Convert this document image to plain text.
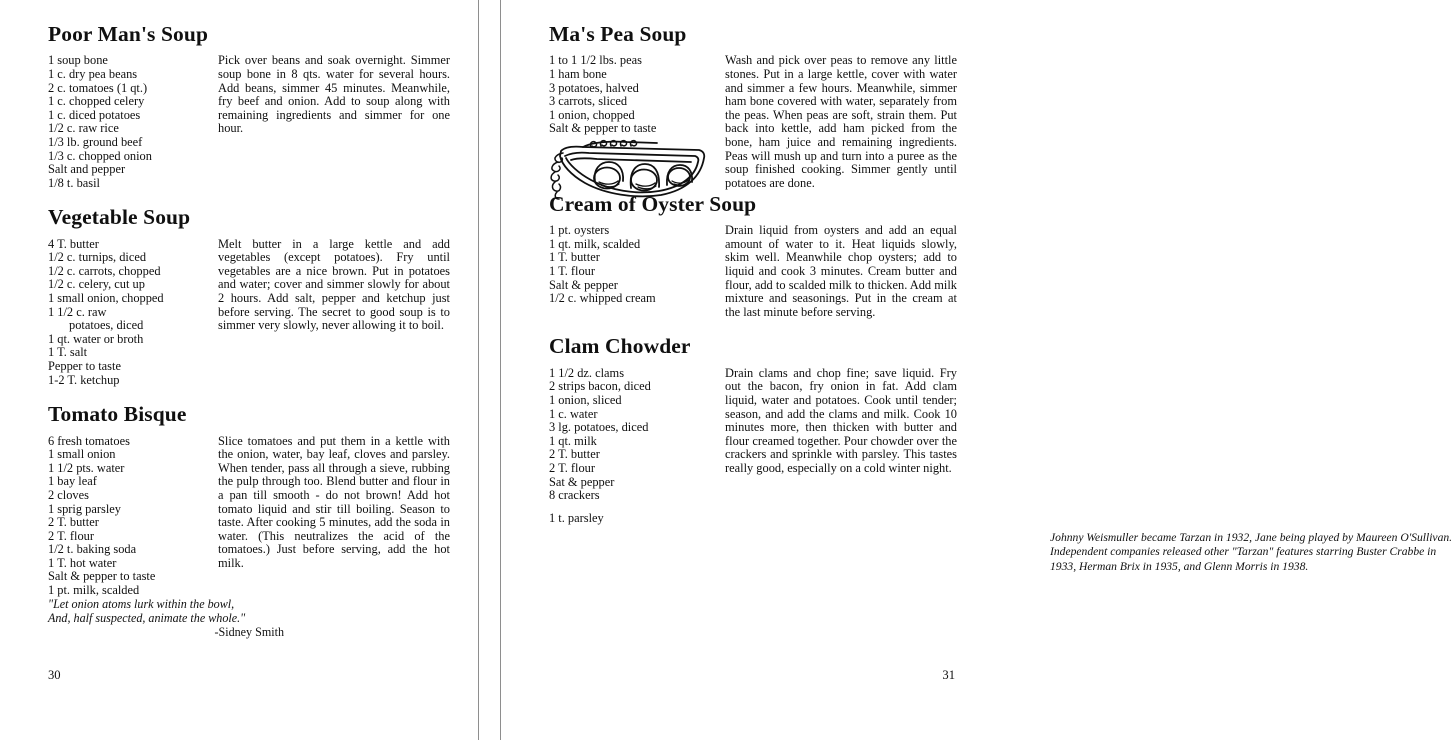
Poor Man's Soup
1 soup bone
1 c. dry pea beans
2 c. tomatoes (1 qt.)
1 c. chopped celery
1 c. diced potatoes
1/2 c. raw rice
1/3 lb. ground beef
1/3 c. chopped onion
Salt and pepper
1/8 t. basil
Pick over beans and soak overnight. Simmer soup bone in 8 qts. water for several hours. Add beans, simmer 45 minutes. Meanwhile, fry beef and onion. Add to soup along with remaining ingredients and simmer for one hour.
Vegetable Soup
4 T. butter
1/2 c. turnips, diced
1/2 c. carrots, chopped
1/2 c. celery, cut up
1 small onion, chopped
1 1/2 c. raw
potatoes, diced
1 qt. water or broth
1 T. salt
Pepper to taste
1-2 T. ketchup
Melt butter in a large kettle and add vegetables (except potatoes). Fry until vegetables are a nice brown. Put in potatoes and water; cover and simmer slowly for about 2 hours. Add salt, pepper and ketchup just before serving. The secret to good soup is to simmer very slowly, never allowing it to boil.
Tomato Bisque
6 fresh tomatoes
1 small onion
1 1/2 pts. water
1 bay leaf
2 cloves
1 sprig parsley
2 T. butter
2 T. flour
1/2 t. baking soda
1 T. hot water
Salt & pepper to taste
1 pt. milk, scalded
Slice tomatoes and put them in a kettle with the onion, water, bay leaf, cloves and parsley. When tender, pass all through a sieve, rubbing the pulp through too. Blend butter and flour in a pan till smooth - do not brown! Add hot tomato liquid and stir till boiling. Season to taste. After cooking 5 minutes, add the soda in water. (This neutralizes the acid of the tomatoes.) Just before serving, add the hot milk.
"Let onion atoms lurk within the bowl,
And, half suspected, animate the whole."
-Sidney Smith
30
Ma's Pea Soup
1 to 1 1/2 lbs. peas
1 ham bone
3 potatoes, halved
3 carrots, sliced
1 onion, chopped
Salt & pepper to taste
Wash and pick over peas to remove any little stones. Put in a large kettle, cover with water and simmer a few hours. Meanwhile, simmer ham bone covered with water, separately from the peas. When peas are soft, strain them. Put back into kettle, add ham picked from the bone, ham juice and remaining ingredients. Peas will mush up and turn into a puree as the soup finished cooking. Simmer gently until potatoes are done.
Cream of Oyster Soup
1 pt. oysters
1 qt. milk, scalded
1 T. butter
1 T. flour
Salt & pepper
1/2 c. whipped cream
Drain liquid from oysters and add an equal amount of water to it. Heat liquids slowly, skim well. Meanwhile chop oysters; add to liquid and cook 3 minutes. Cream butter and flour, add to scalded milk to thicken. Add milk mixture and seasonings. Put in the cream at the last minute before serving.
Clam Chowder
1 1/2 dz. clams
2 strips bacon, diced
1 onion, sliced
1 c. water
3 lg. potatoes, diced
1 qt. milk
2 T. butter
2 T. flour
Sat & pepper
8 crackers
1 t. parsley
Drain clams and chop fine; save liquid. Fry out the bacon, fry onion in fat. Add clam liquid, water and potatoes. Cook until tender; season, and add the clams and milk. Cook 10 minutes more, then thicken with butter and flour creamed together. Pour chowder over the crackers and sprinkle with parsley. This tastes really good, especially on a cold winter night.
Johnny Weismuller became Tarzan in 1932, Jane being played by Maureen O'Sullivan. Independent companies released other "Tarzan" features starring Buster Crabbe in 1933, Herman Brix in 1935, and Glenn Morris in 1938.
31
